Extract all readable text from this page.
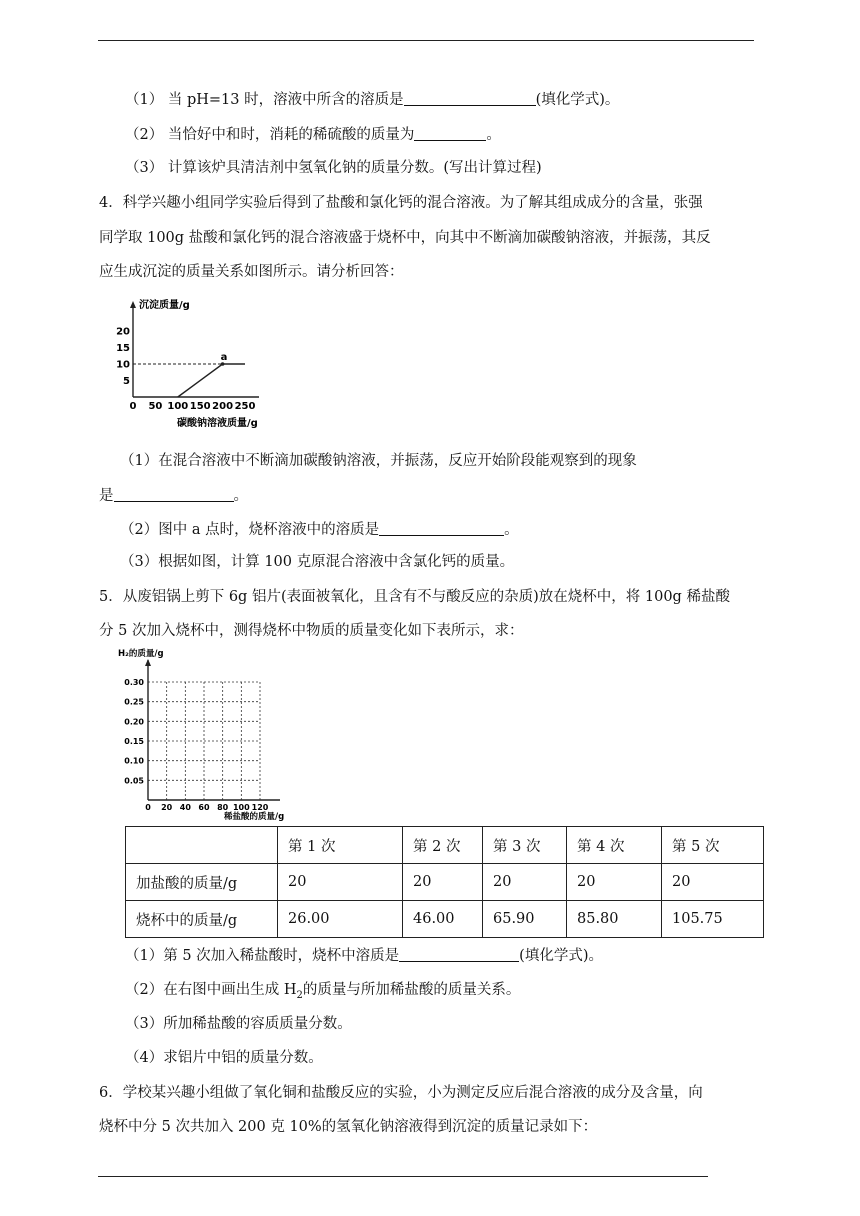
（1） 当 pH=13 时，溶液中所含的溶质是	(填化学式)。
（2） 当恰好中和时，消耗的稀硫酸的质量为	。
（3） 计算该炉具清洁剂中氢氧化钠的质量分数。(写出计算过程)
4．科学兴趣小组同学实验后得到了盐酸和氯化钙的混合溶液。为了解其组成成分的含量，张强
同学取 100g 盐酸和氯化钙的混合溶液盛于烧杯中，向其中不断滴加碳酸钠溶液，并振荡，其反
应生成沉淀的质量关系如图所示。请分析回答：
沉淀质量/g
碳酸钠溶液质量/g
0 50 100 150 200 250
5
10
15
20
a
（1）在混合溶液中不断滴加碳酸钠溶液，并振荡，反应开始阶段能观察到的现象
是	。
（2）图中 a 点时，烧杯溶液中的溶质是	。
（3）根据如图，计算 100 克原混合溶液中含氯化钙的质量。
5．从废铝锅上剪下 6g 铝片(表面被氧化，且含有不与酸反应的杂质)放在烧杯中，将 100g 稀盐酸
分 5 次加入烧杯中，测得烧杯中物质的质量变化如下表所示，求：
H₂的质量/g
稀盐酸的质量/g
0 20 40 60 80 100 120
0.05
0.10
0.15
0.20
0.25
0.30
	第 1 次	第 2 次	第 3 次	第 4 次	第 5 次
加盐酸的质量/g	20	20	20	20	20
烧杯中的质量/g	26.00	46.00	65.90	85.80	105.75
（1）第 5 次加入稀盐酸时，烧杯中溶质是	(填化学式)。
（2）在右图中画出生成 $H_2$的质量与所加稀盐酸的质量关系。
（3）所加稀盐酸的容质质量分数。
（4）求铝片中铝的质量分数。
6．学校某兴趣小组做了氧化铜和盐酸反应的实验，小为测定反应后混合溶液的成分及含量，向
烧杯中分 5 次共加入 200 克 10%的氢氧化钠溶液得到沉淀的质量记录如下：
